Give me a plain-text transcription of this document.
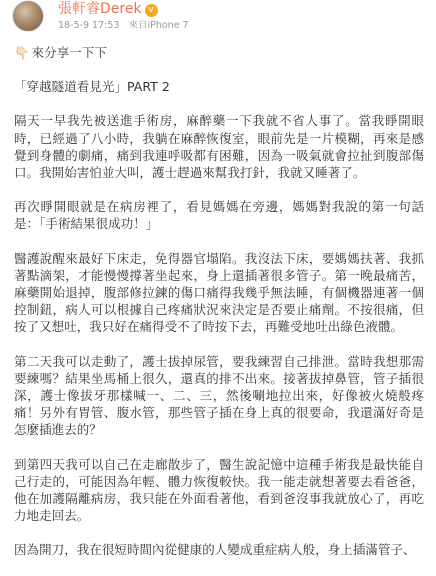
張軒睿Derek v
18-5-9 17:53 來自iPhone 7

👇🏻 來分享一下下

「穿越隧道看見光」PART 2

隔天一早我先被送進手術房，麻醉藥一下我就不省人事了。當我睜開眼時，已經過了八小時，我躺在麻醉恢復室，眼前先是一片模糊，再來是感覺到身體的劇痛，痛到我連呼吸都有困難，因為一吸氣就會拉扯到腹部傷口。我開始害怕並大叫，護士趕過來幫我打針，我就又睡著了。

再次睜開眼就是在病房裡了，看見媽媽在旁邊，媽媽對我說的第一句話是：「手術結果很成功！」

醫護說醒來最好下床走，免得器官塌陷。我沒法下床，要媽媽扶著、我抓著點滴架，才能慢慢撐著坐起來，身上還插著很多管子。第一晚最痛苦，麻藥開始退掉，腹部修拉鍊的傷口痛得我幾乎無法睡，有個機器連著一個控制鈕，病人可以根據自己疼痛狀況來決定是否要止痛劑。不按很痛，但按了又想吐，我只好在痛得受不了時按下去，再難受地吐出綠色液體。

第二天我可以走動了，護士拔掉尿管，要我練習自己排泄。當時我想那需要練嗎？結果坐馬桶上很久，還真的排不出來。接著拔掉鼻管，管子插很深，護士像拔牙那樣喊一、二、三，然後唰地拉出來，好像被火燒般疼痛！另外有胃管、腹水管，那些管子插在身上真的很要命，我還滿好奇是怎麼插進去的？

到第四天我可以自己在走廊散步了，醫生說記憶中這種手術我是最快能自己行走的，可能因為年輕、體力恢復較快。我一能走就想著要去看爸爸，他在加護隔離病房，我只能在外面看著他，看到爸沒事我就放心了，再吃力地走回去。

因為開刀，我在很短時間內從健康的人變成重症病人般，身上插滿管子、
